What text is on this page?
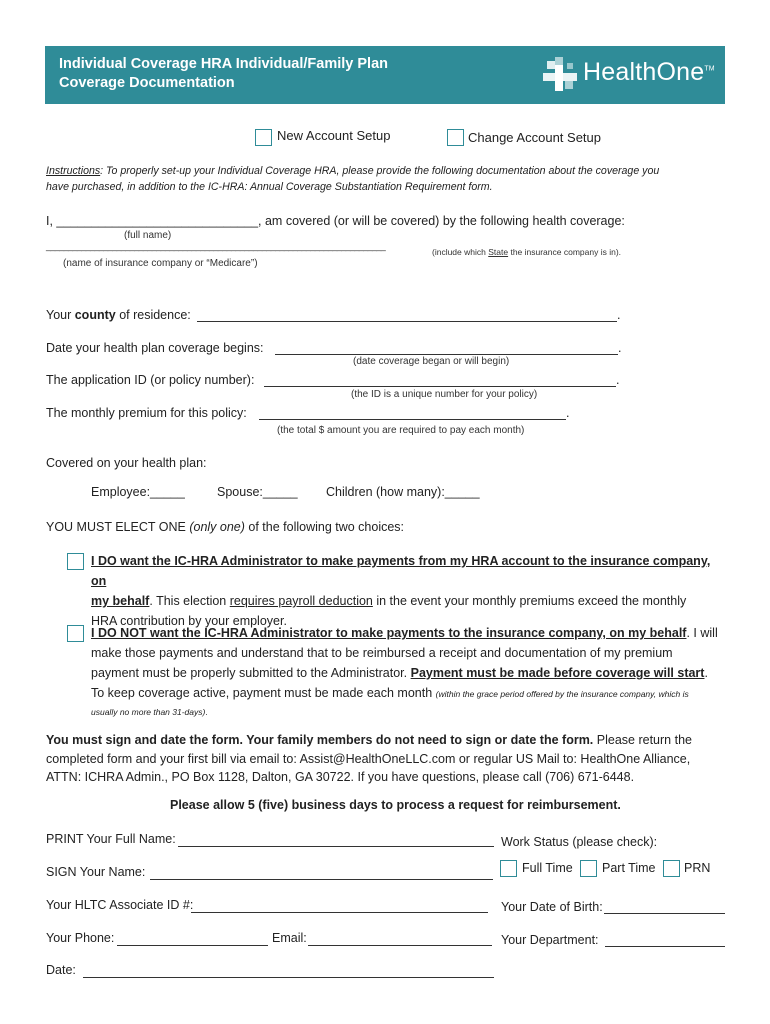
Individual Coverage HRA Individual/Family Plan
Coverage Documentation	HealthOne™
New Account Setup	Change Account Setup
Instructions: To properly set-up your Individual Coverage HRA, please provide the following documentation about the coverage you
have purchased, in addition to the IC-HRA: Annual Coverage Substantiation Requirement form.
I, _____________________________, am covered (or will be covered) by the following health coverage:
(full name)
_____________________________________________________________________________
(include which State the insurance company is in).
(name of insurance company or “Medicare”)
Your county of residence:	.
Date your health plan coverage begins:	.
(date coverage began or will begin)
The application ID (or policy number):	.
(the ID is a unique number for your policy)
The monthly premium for this policy:	.
(the total $ amount you are required to pay each month)
Covered on your health plan:
Employee:_____	Spouse:_____ Children (how many):_____
YOU MUST ELECT ONE (only one) of the following two choices:
I DO want the IC-HRA Administrator to make payments from my HRA account to the insurance company, on
my behalf. This election requires payroll deduction in the event your monthly premiums exceed the monthly
HRA contribution by your employer.
I DO NOT want the IC-HRA Administrator to make payments to the insurance company, on my behalf. I will
make those payments and understand that to be reimbursed a receipt and documentation of my premium
payment must be properly submitted to the Administrator. Payment must be made before coverage will start.
To keep coverage active, payment must be made each month (within the grace period offered by the insurance company, which is
usually no more than 31-days).
You must sign and date the form. Your family members do not need to sign or date the form. Please return the completed form and your first bill via email to: Assist@HealthOneLLC.com or regular US Mail to: HealthOne Alliance, ATTN: ICHRA Admin., PO Box 1128, Dalton, GA 30722. If you have questions, please call (706) 671-6448.
Please allow 5 (five) business days to process a request for reimbursement.
PRINT Your Full Name:	Work Status (please check):
SIGN Your Name:	Full Time Part Time PRN
Your HLTC Associate ID #:	Your Date of Birth:
Your Phone:	Email:	Your Department:
Date:
